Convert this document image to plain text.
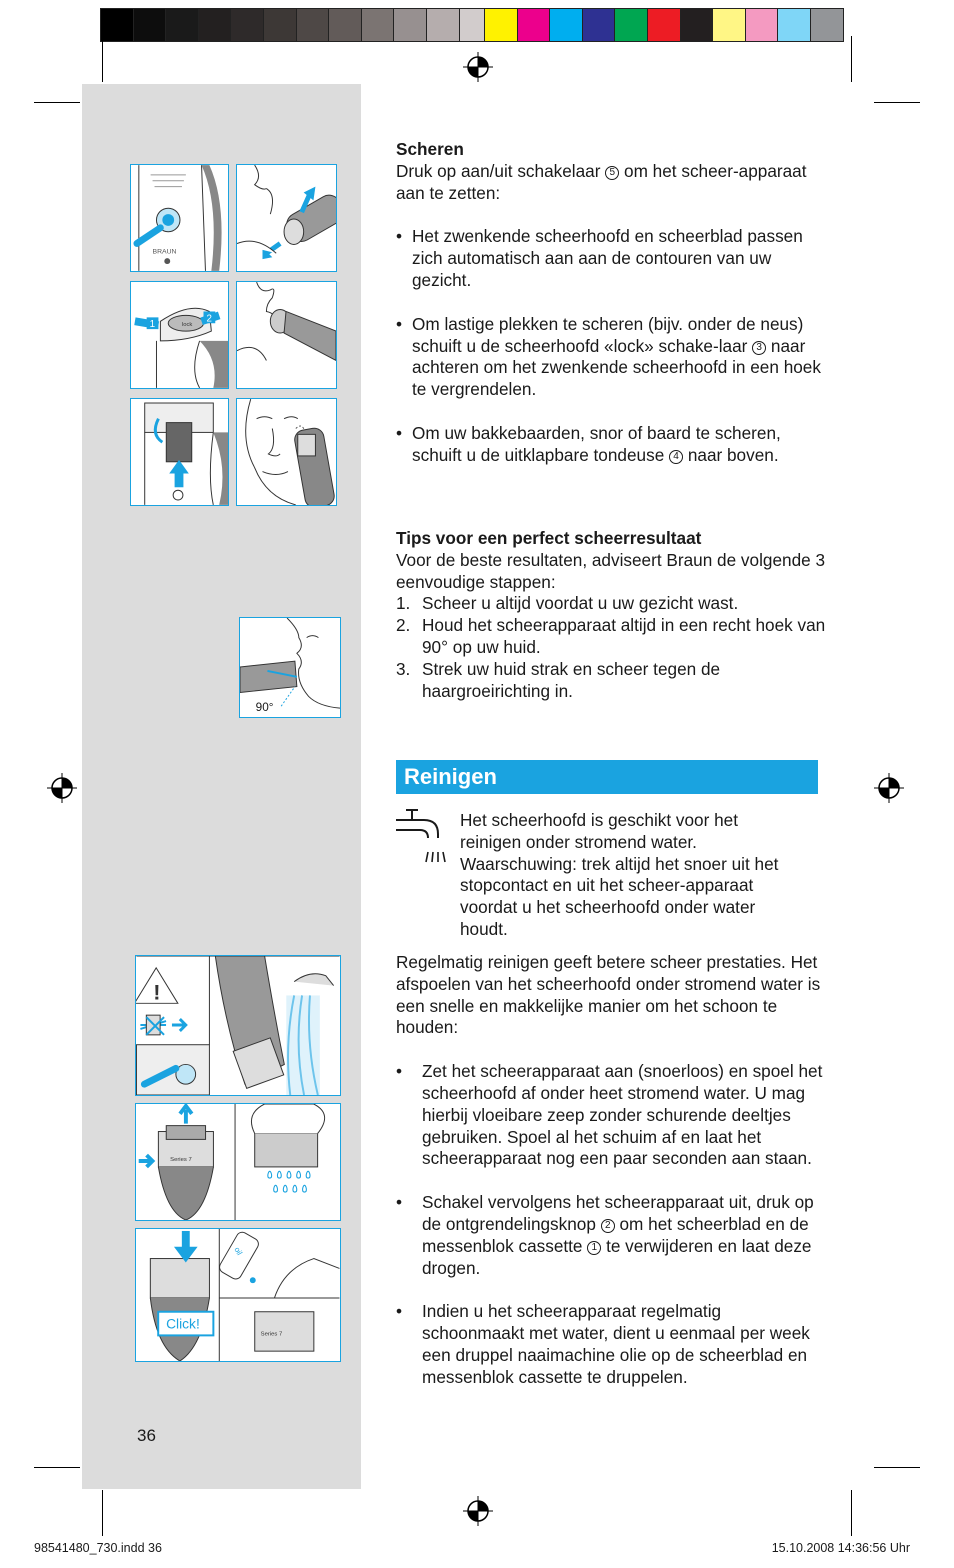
BRAUN
lock
1
2
90°
!
Series 7
٥ ٥ ٥ ٥ ٥
٥ ٥ ٥ ٥
Click!
oil
Series 7

Scheren

Druk op aan/uit schakelaar 5 om het scheer-apparaat aan te zetten:

• Het zwenkende scheerhoofd en scheerblad passen zich automatisch aan aan de contouren van uw gezicht.

• Om lastige plekken te scheren (bijv. onder de neus) schuift u de scheerhoofd «lock» schake-laar 3 naar achteren om het zwenkende scheerhoofd in een hoek te vergrendelen.

• Om uw bakkebaarden, snor of baard te scheren, schuift u de uitklapbare tondeuse 4 naar boven.

Tips voor een perfect scheerresultaat

Voor de beste resultaten, adviseert Braun de volgende 3 eenvoudige stappen:

1. Scheer u altijd voordat u uw gezicht wast.

2. Houd het scheerapparaat altijd in een recht hoek van 90° op uw huid.

3. Strek uw huid strak en scheer tegen de haargroeirichting in.

Reinigen

Het scheerhoofd is geschikt voor het reinigen onder stromend water. Waarschuwing: trek altijd het snoer uit het stopcontact en uit het scheer-apparaat voordat u het scheerhoofd onder water houdt.

Regelmatig reinigen geeft betere scheer prestaties. Het afspoelen van het scheerhoofd onder stromend water is een snelle en makkelijke manier om het schoon te houden:

• Zet het scheerapparaat aan (snoerloos) en spoel het scheerhoofd af onder heet stromend water. U mag hierbij vloeibare zeep zonder schurende deeltjes gebruiken. Spoel al het schuim af en laat het scheerapparaat nog een paar seconden aan staan.

• Schakel vervolgens het scheerapparaat uit, druk op de ontgrendelingsknop 2 om het scheerblad en de messenblok cassette 1 te verwijderen en laat deze drogen.

• Indien u het scheerapparaat regelmatig schoonmaakt met water, dient u eenmaal per week een druppel naaimachine olie op de scheerblad en messenblok cassette te druppelen.

36
98541480_730.indd 36	15.10.2008 14:36:56 Uhr
